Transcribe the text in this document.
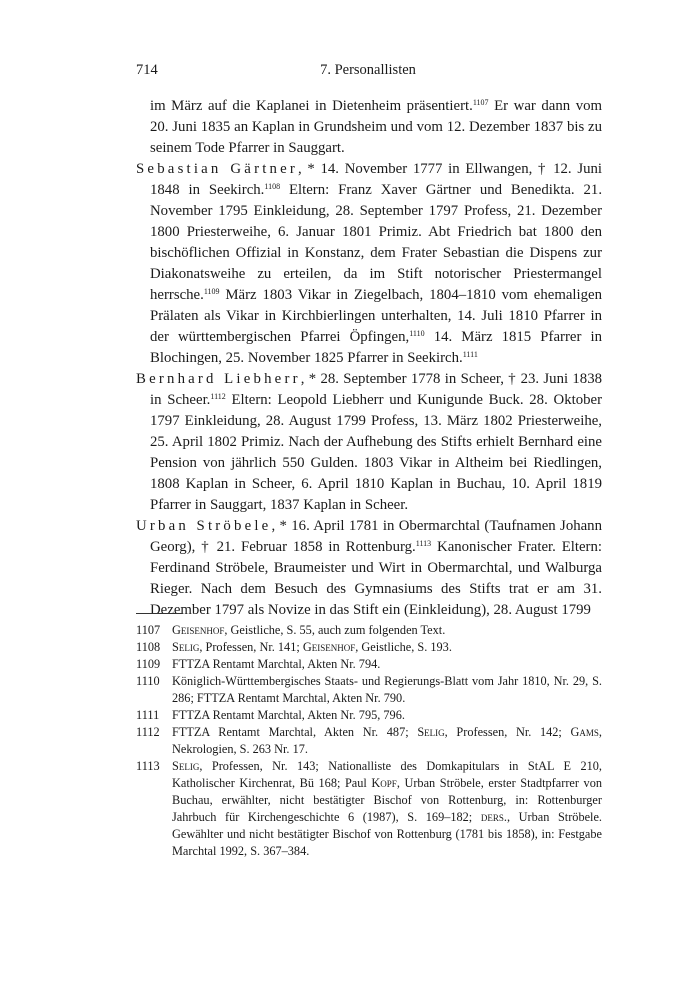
714	7. Personallisten

im März auf die Kaplanei in Dietenheim präsentiert.$^{1107}$ Er war dann vom 20. Juni 1835 an Kaplan in Grundsheim und vom 12. Dezember 1837 bis zu seinem Tode Pfarrer in Sauggart.

Sebastian Gärtner, * 14. November 1777 in Ellwangen, † 12. Juni 1848 in Seekirch.$^{1108}$ Eltern: Franz Xaver Gärtner und Benedikta. 21. November 1795 Einkleidung, 28. September 1797 Profess, 21. Dezember 1800 Priesterweihe, 6. Januar 1801 Primiz. Abt Friedrich bat 1800 den bischöflichen Offizial in Konstanz, dem Frater Sebastian die Dispens zur Diakonatsweihe zu erteilen, da im Stift notorischer Priestermangel herrsche.$^{1109}$ März 1803 Vikar in Ziegelbach, 1804–1810 vom ehemaligen Prälaten als Vikar in Kirchbierlingen unterhalten, 14. Juli 1810 Pfarrer in der württembergischen Pfarrei Öpfingen,$^{1110}$ 14. März 1815 Pfarrer in Blochingen, 25. November 1825 Pfarrer in Seekirch.$^{1111}$

Bernhard Liebherr, * 28. September 1778 in Scheer, † 23. Juni 1838 in Scheer.$^{1112}$ Eltern: Leopold Liebherr und Kunigunde Buck. 28. Oktober 1797 Einkleidung, 28. August 1799 Profess, 13. März 1802 Priesterweihe, 25. April 1802 Primiz. Nach der Aufhebung des Stifts erhielt Bernhard eine Pension von jährlich 550 Gulden. 1803 Vikar in Altheim bei Riedlingen, 1808 Kaplan in Scheer, 6. April 1810 Kaplan in Buchau, 10. April 1819 Pfarrer in Sauggart, 1837 Kaplan in Scheer.

Urban Ströbele, * 16. April 1781 in Obermarchtal (Taufnamen Johann Georg), † 21. Februar 1858 in Rottenburg.$^{1113}$ Kanonischer Frater. Eltern: Ferdinand Ströbele, Braumeister und Wirt in Obermarchtal, und Walburga Rieger. Nach dem Besuch des Gymnasiums des Stifts trat er am 31. Dezember 1797 als Novize in das Stift ein (Einkleidung), 28. August 1799

1107 Geisenhof, Geistliche, S. 55, auch zum folgenden Text.
1108 Selig, Professen, Nr. 141; Geisenhof, Geistliche, S. 193.
1109 FTTZA Rentamt Marchtal, Akten Nr. 794.
1110	Königlich-Württembergisches Staats- und Regierungs-Blatt vom Jahr 1810, Nr. 29, S. 286; FTTZA Rentamt Marchtal, Akten Nr. 790.
1111	FTTZA Rentamt Marchtal, Akten Nr. 795, 796.
1112	FTTZA Rentamt Marchtal, Akten Nr. 487; Selig, Professen, Nr. 142; Gams, Nekrologien, S. 263 Nr. 17.
1113	Selig, Professen, Nr. 143; Nationalliste des Domkapitulars in StAL E 210, Katholischer Kirchenrat, Bü 168; Paul Kopf, Urban Ströbele, erster Stadtpfarrer von Buchau, erwählter, nicht bestätigter Bischof von Rottenburg, in: Rottenburger Jahrbuch für Kirchengeschichte 6 (1987), S. 169–182; ders., Urban Ströbele. Gewählter und nicht bestätigter Bischof von Rottenburg (1781 bis 1858), in: Festgabe Marchtal 1992, S. 367–384.
